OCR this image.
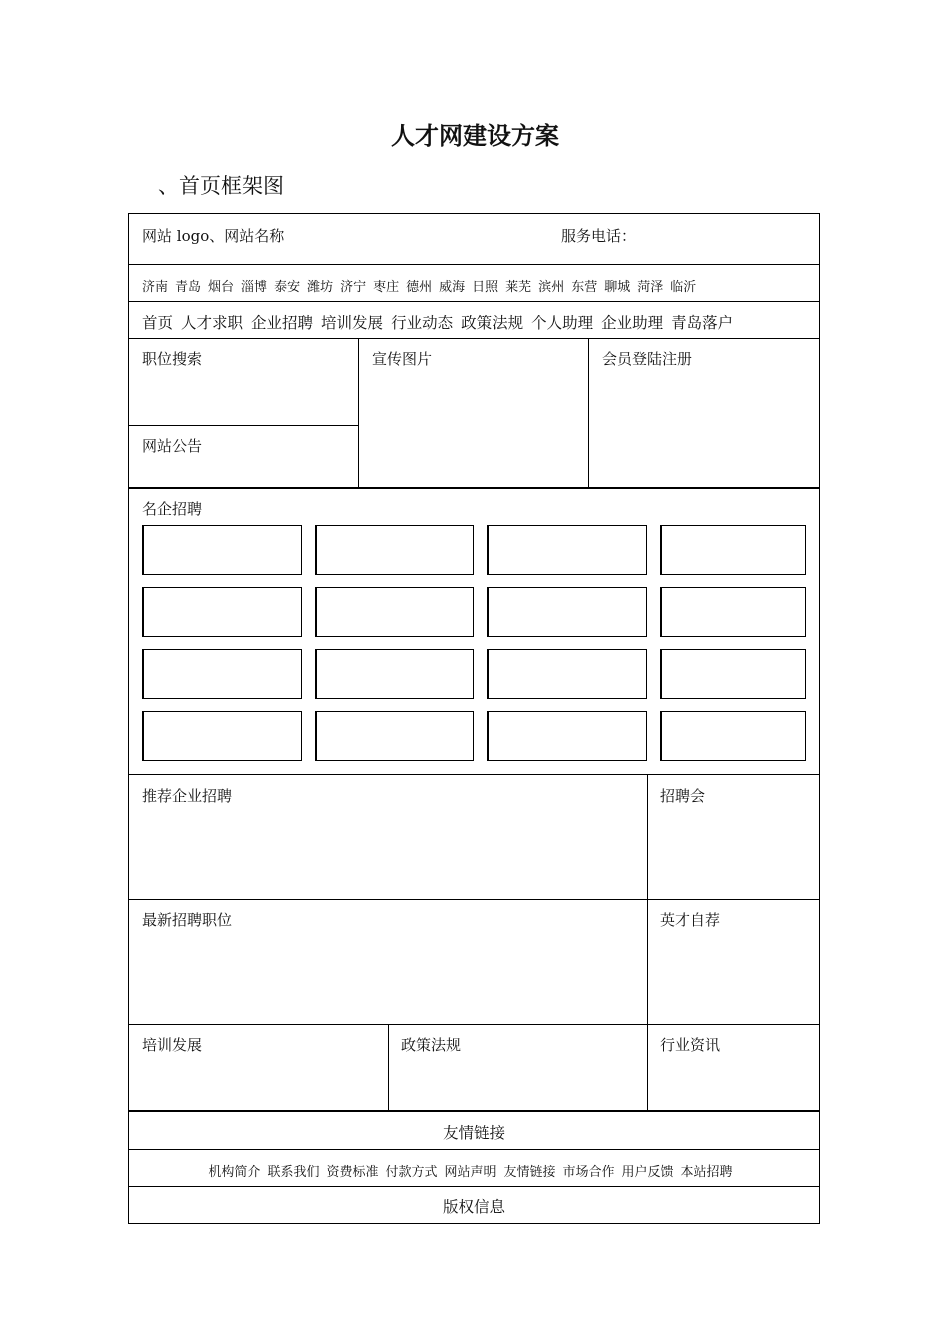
人才网建设方案
、首页框架图
网站 logo、网站名称	服务电话：
济南 青岛 烟台 淄博 泰安 潍坊 济宁 枣庄 德州 威海 日照 莱芜 滨州 东营 聊城 菏泽 临沂
首页 人才求职 企业招聘 培训发展 行业动态 政策法规 个人助理 企业助理 青岛落户
职位搜索	宣传图片	会员登陆注册
网站公告
名企招聘
推荐企业招聘	招聘会
最新招聘职位	英才自荐
培训发展	政策法规	行业资讯
友情链接
机构简介 联系我们 资费标准 付款方式 网站声明 友情链接 市场合作 用户反馈 本站招聘
版权信息
